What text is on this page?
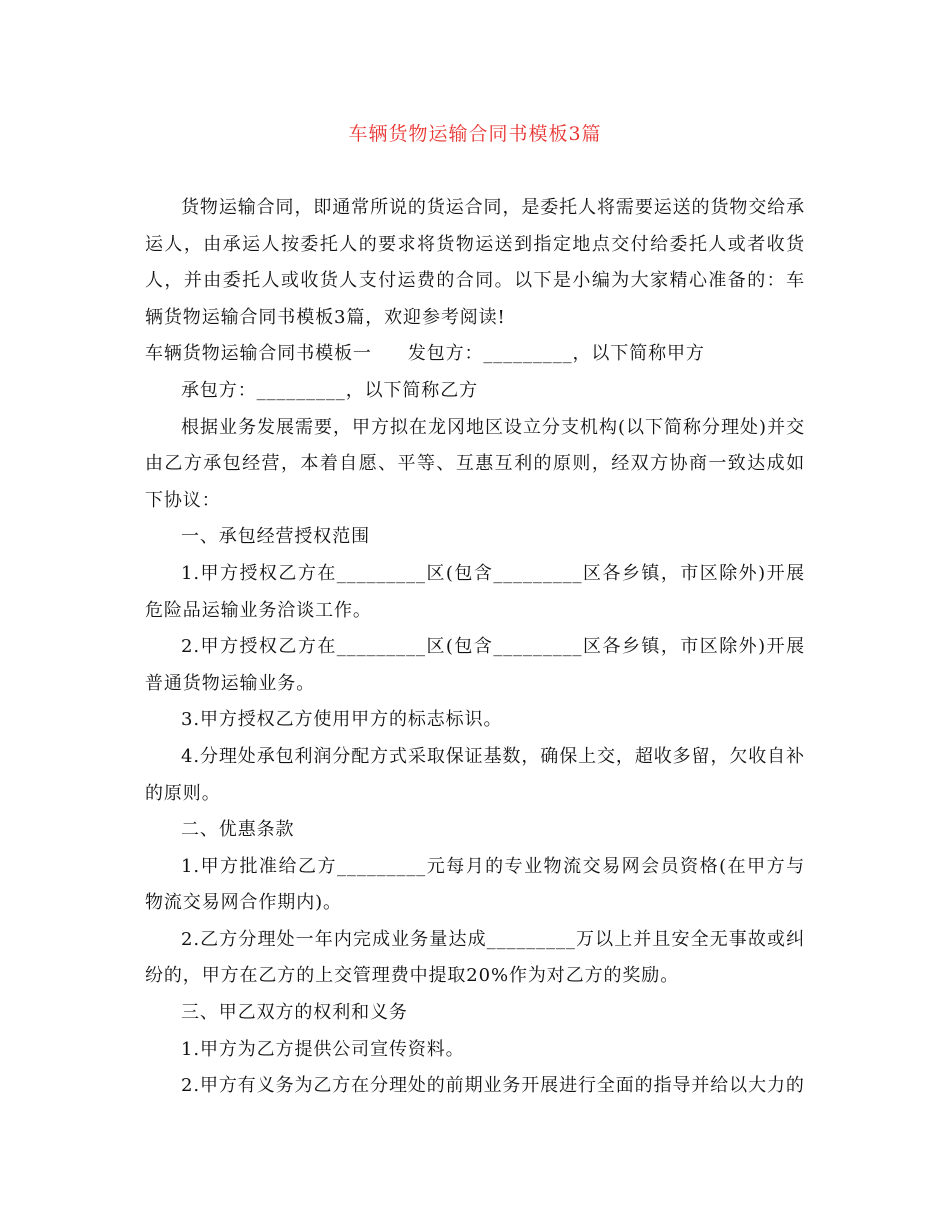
车辆货物运输合同书模板3篇

货物运输合同，即通常所说的货运合同，是委托人将需要运送的货物交给承运人，由承运人按委托人的要求将货物运送到指定地点交付给委托人或者收货人，并由委托人或收货人支付运费的合同。以下是小编为大家精心准备的：车辆货物运输合同书模板3篇，欢迎参考阅读!

车辆货物运输合同书模板一 发包方：_________，以下简称甲方

承包方：_________，以下简称乙方

根据业务发展需要，甲方拟在龙冈地区设立分支机构(以下简称分理处)并交由乙方承包经营，本着自愿、平等、互惠互利的原则，经双方协商一致达成如下协议：

一、承包经营授权范围

1.甲方授权乙方在_________区(包含_________区各乡镇，市区除外)开展危险品运输业务洽谈工作。

2.甲方授权乙方在_________区(包含_________区各乡镇，市区除外)开展普通货物运输业务。

3.甲方授权乙方使用甲方的标志标识。

4.分理处承包利润分配方式采取保证基数，确保上交，超收多留，欠收自补的原则。

二、优惠条款

1.甲方批准给乙方_________元每月的专业物流交易网会员资格(在甲方与物流交易网合作期内)。

2.乙方分理处一年内完成业务量达成_________万以上并且安全无事故或纠纷的，甲方在乙方的上交管理费中提取20%作为对乙方的奖励。

三、甲乙双方的权利和义务

1.甲方为乙方提供公司宣传资料。

2.甲方有义务为乙方在分理处的前期业务开展进行全面的指导并给以大力的
